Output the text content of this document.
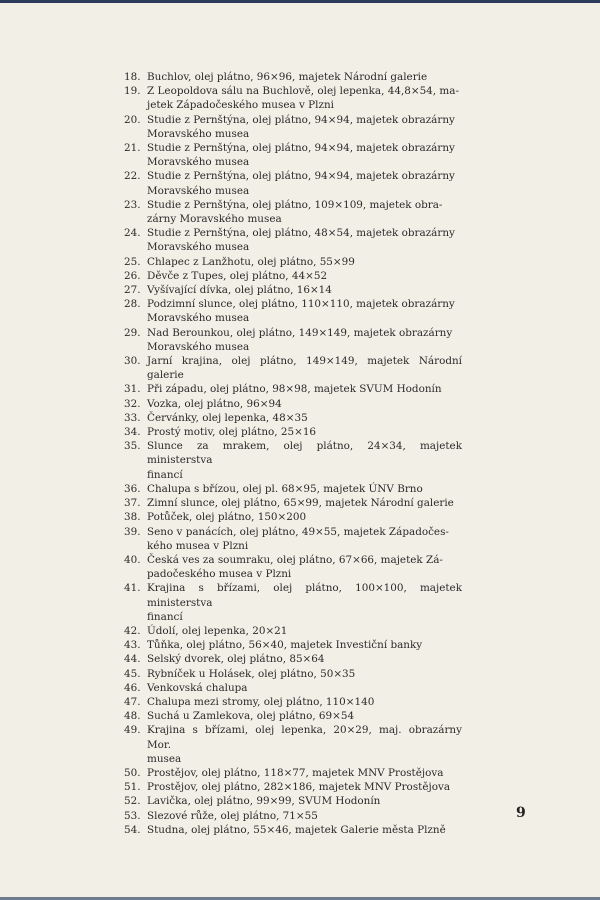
18. Buchlov, olej plátno, 96×96, majetek Národní galerie
19. Z Leopoldova sálu na Buchlově, olej lepenka, 44,8×54, ma-
jetek Západočeského musea v Plzni
20. Studie z Pernštýna, olej plátno, 94×94, majetek obrazárny
Moravského musea
21. Studie z Pernštýna, olej plátno, 94×94, majetek obrazárny
Moravského musea
22. Studie z Pernštýna, olej plátno, 94×94, majetek obrazárny
Moravského musea
23. Studie z Pernštýna, olej plátno, 109×109, majetek obra-
zárny Moravského musea
24. Studie z Pernštýna, olej plátno, 48×54, majetek obrazárny
Moravského musea
25. Chlapec z Lanžhotu, olej plátno, 55×99
26. Děvče z Tupes, olej plátno, 44×52
27. Vyšívající dívka, olej plátno, 16×14
28. Podzimní slunce, olej plátno, 110×110, majetek obrazárny
Moravského musea
29. Nad Berounkou, olej plátno, 149×149, majetek obrazárny
Moravského musea
30. Jarní krajina, olej plátno, 149×149, majetek Národní galerie
31. Při západu, olej plátno, 98×98, majetek SVUM Hodonín
32. Vozka, olej plátno, 96×94
33. Červánky, olej lepenka, 48×35
34. Prostý motiv, olej plátno, 25×16
35. Slunce za mrakem, olej plátno, 24×34, majetek ministerstva
financí
36. Chalupa s břízou, olej pl. 68×95, majetek ÚNV Brno
37. Zimní slunce, olej plátno, 65×99, majetek Národní galerie
38. Potůček, olej plátno, 150×200
39. Seno v panácích, olej plátno, 49×55, majetek Západočes-
kého musea v Plzni
40. Česká ves za soumraku, olej plátno, 67×66, majetek Zá-
padočeského musea v Plzni
41. Krajina s břízami, olej plátno, 100×100, majetek ministerstva
financí
42. Údolí, olej lepenka, 20×21
43. Tůňka, olej plátno, 56×40, majetek Investiční banky
44. Selský dvorek, olej plátno, 85×64
45. Rybníček u Holásek, olej plátno, 50×35
46. Venkovská chalupa
47. Chalupa mezi stromy, olej plátno, 110×140
48. Suchá u Zamlekova, olej plátno, 69×54
49. Krajina s břízami, olej lepenka, 20×29, maj. obrazárny Mor.
musea
50. Prostějov, olej plátno, 118×77, majetek MNV Prostějova
51. Prostějov, olej plátno, 282×186, majetek MNV Prostějova
52. Lavička, olej plátno, 99×99, SVUM Hodonín
53. Slezové růže, olej plátno, 71×55
54. Studna, olej plátno, 55×46, majetek Galerie města Plzně
9
